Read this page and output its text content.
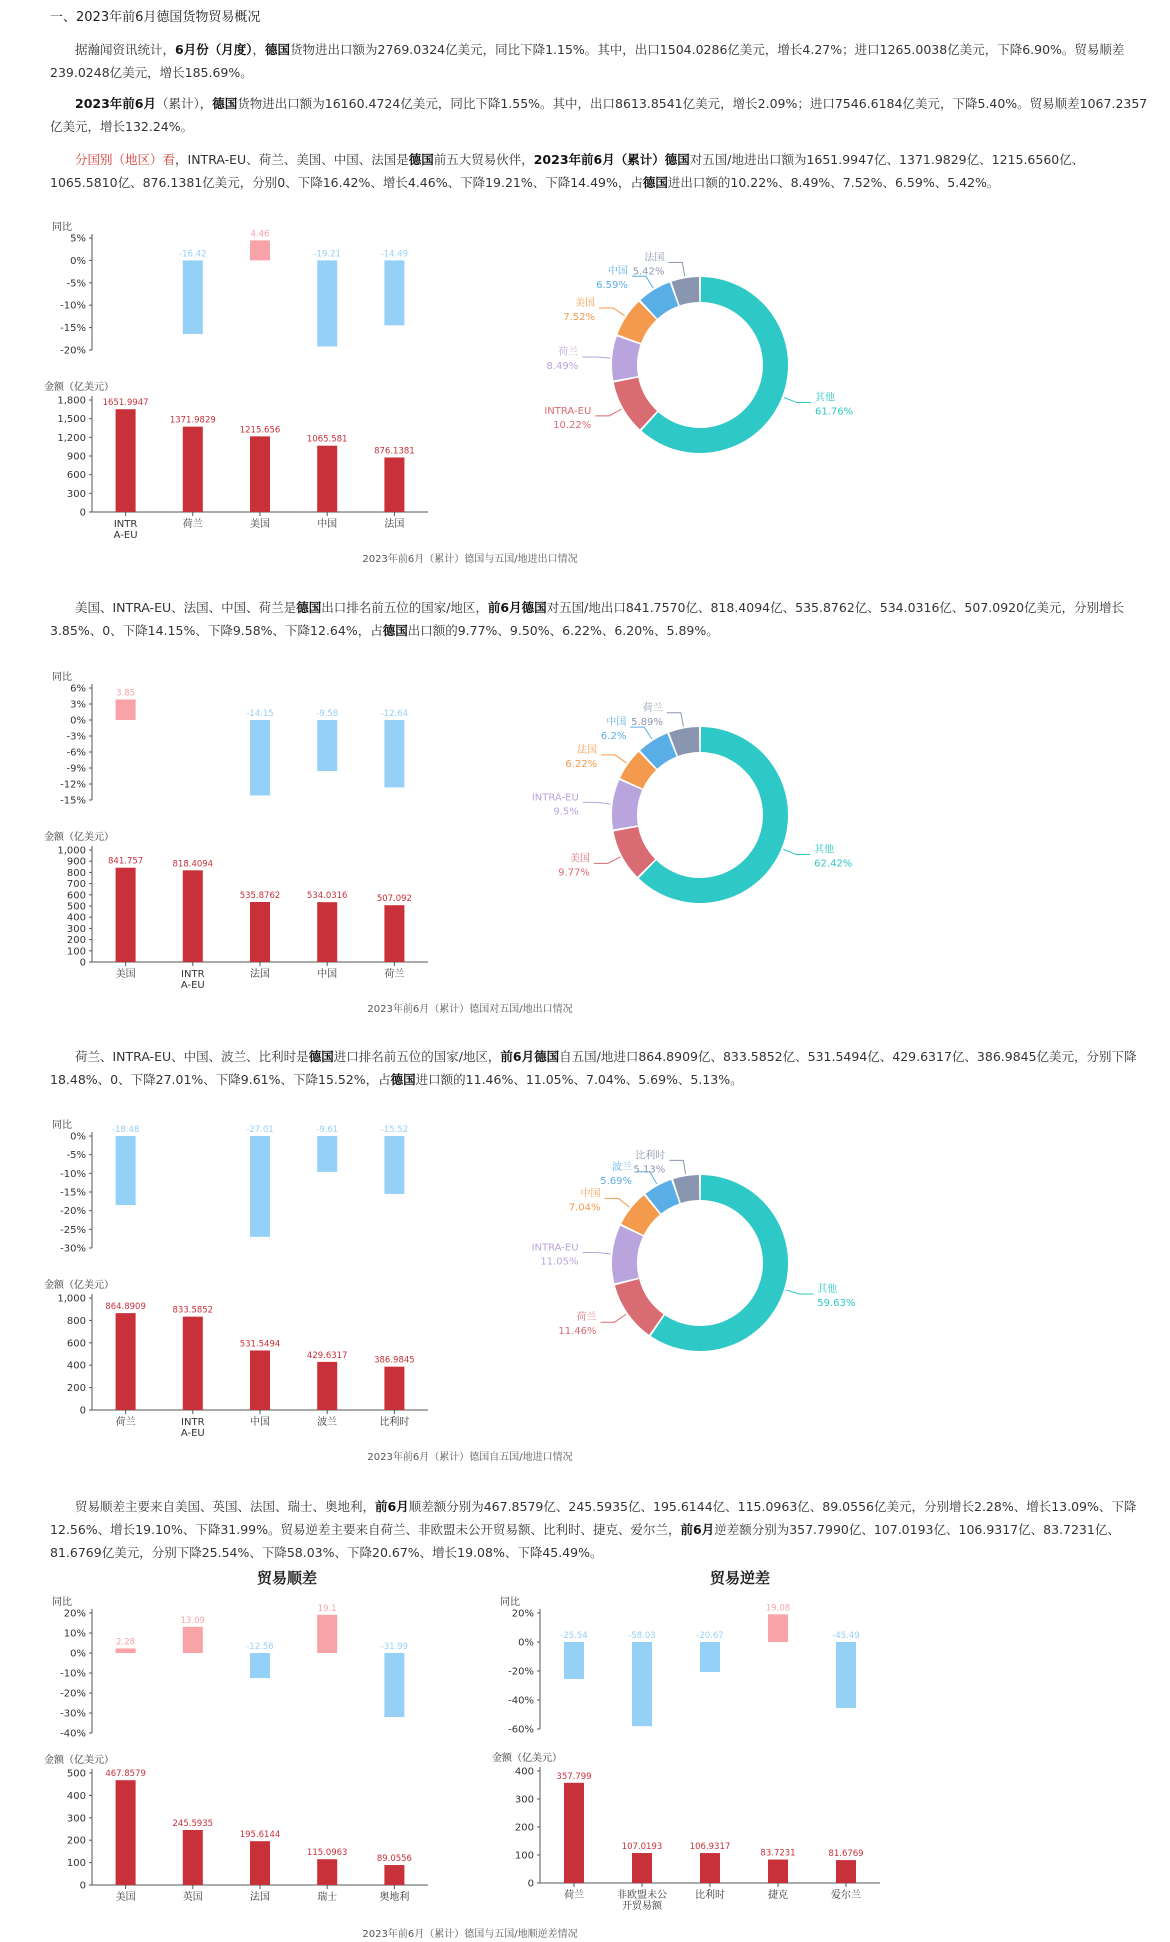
一、2023年前6月德国货物贸易概况
据瀚闻资讯统计，6月份（月度），德国货物进出口额为2769.0324亿美元，同比下降1.15%。其中，出口1504.0286亿美元，增长4.27%；进口1265.0038亿美元，下降6.90%。贸易顺差239.0248亿美元，增长185.69%。
2023年前6月（累计），德国货物进出口额为16160.4724亿美元，同比下降1.55%。其中，出口8613.8541亿美元，增长2.09%；进口7546.6184亿美元，下降5.40%。贸易顺差1067.2357亿美元，增长132.24%。
分国别（地区）看，INTRA-EU、荷兰、美国、中国、法国是德国前五大贸易伙伴，2023年前6月（累计）德国对五国/地进出口额为1651.9947亿、1371.9829亿、1215.6560亿、1065.5810亿、876.1381亿美元，分别0、下降16.42%、增长4.46%、下降19.21%、下降14.49%，占德国进出口额的10.22%、8.49%、7.52%、6.59%、5.42%。
同比
5%
0%
-5%
-10%
-15%
-20%
-16.42
4.46
-19.21	-14.49
金额（亿美元）
1,800
1,500
1,200
900
600
300
0
1651.9947
INTR
A-EU
1371.9829
荷兰
1215.656
美国
1065.581
中国
876.1381
法国
其他
61.76%
INTRA-EU
10.22%
荷兰
8.49%
美国
7.52%
中国
6.59%
法国
5.42%
2023年前6月（累计）德国与五国/地进出口情况
美国、INTRA-EU、法国、中国、荷兰是德国出口排名前五位的国家/地区，前6月德国对五国/地出口841.7570亿、818.4094亿、535.8762亿、534.0316亿、507.0920亿美元，分别增长3.85%、0、下降14.15%、下降9.58%、下降12.64%，占德国出口额的9.77%、9.50%、6.22%、6.20%、5.89%。
同比
6%
3%
0%
-3%
-6%
-9%
-12%
-15%
3.85
-14.15	-9.58	-12.64
金额（亿美元）
1,000
900
800
700
600
500
400
300
200
100
0
841.757
美国
818.4094
INTR
A-EU
535.8762
法国
534.0316
中国
507.092
荷兰
其他
62.42%
美国
9.77%
INTRA-EU
9.5%
法国
6.22%
中国
6.2%
荷兰
5.89%
2023年前6月（累计）德国对五国/地出口情况
荷兰、INTRA-EU、中国、波兰、比利时是德国进口排名前五位的国家/地区，前6月德国自五国/地进口864.8909亿、833.5852亿、531.5494亿、429.6317亿、386.9845亿美元，分别下降18.48%、0、下降27.01%、下降9.61%、下降15.52%，占德国进口额的11.46%、11.05%、7.04%、5.69%、5.13%。
同比
0%
-5%
-10%
-15%
-20%
-25%
-30%
-18.48	-27.01	-9.61	-15.52
金额（亿美元）
1,000
800
600
400
200
0
864.8909
荷兰
833.5852
INTR
A-EU
531.5494
中国
429.6317
波兰
386.9845
比利时
其他
59.63%
荷兰
11.46%
INTRA-EU
11.05%
中国
7.04%
波兰
5.69%
比利时
5.13%
2023年前6月（累计）德国自五国/地进口情况
贸易顺差主要来自美国、英国、法国、瑞士、奥地利，前6月顺差额分别为467.8579亿、245.5935亿、195.6144亿、115.0963亿、89.0556亿美元，分别增长2.28%、增长13.09%、下降12.56%、增长19.10%、下降31.99%。贸易逆差主要来自荷兰、非欧盟未公开贸易额、比利时、捷克、爱尔兰，前6月逆差额分别为357.7990亿、107.0193亿、106.9317亿、83.7231亿、81.6769亿美元，分别下降25.54%、下降58.03%、下降20.67%、增长19.08%、下降45.49%。
贸易顺差	贸易逆差
同比
20%
10%
0%
-10%
-20%
-30%
-40%
2.28
13.09
-12.56
19.1
-31.99
金额（亿美元）
500
400
300
200
100
0
467.8579
美国
245.5935
英国
195.6144
法国
115.0963
瑞士
89.0556
奥地利
同比
20%
0%
-20%
-40%
-60%
-25.54	-58.03	-20.67
19.08
-45.49
金额（亿美元）
400
300
200
100
0
357.799
荷兰
107.0193
非欧盟未公
开贸易额
106.9317
比利时
83.7231
捷克
81.6769
爱尔兰
2023年前6月（累计）德国与五国/地顺逆差情况
